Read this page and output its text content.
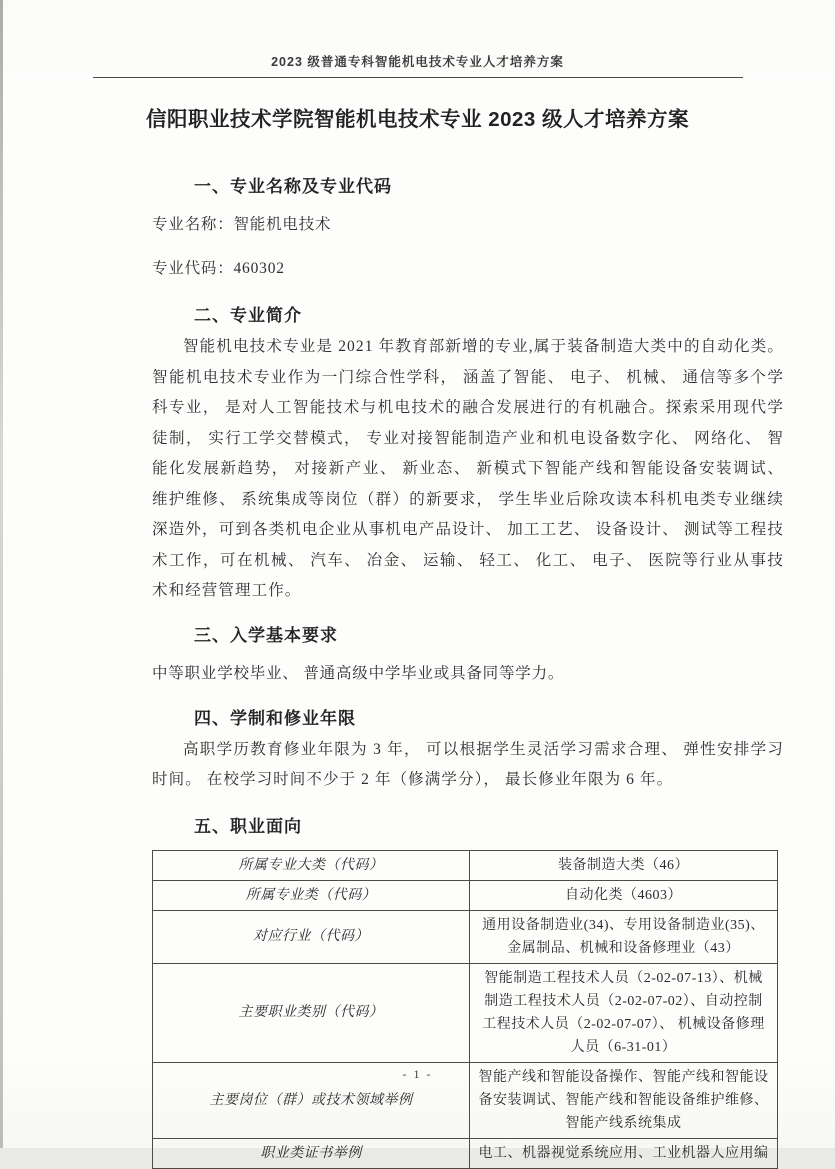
2023 级普通专科智能机电技术专业人才培养方案
信阳职业技术学院智能机电技术专业 2023 级人才培养方案
一、专业名称及专业代码

专业名称：智能机电技术

专业代码：460302

二、专业简介

智能机电技术专业是 2021 年教育部新增的专业,属于装备制造大类中的自动化类。智能机电技术专业作为一门综合性学科， 涵盖了智能、 电子、 机械、 通信等多个学科专业， 是对人工智能技术与机电技术的融合发展进行的有机融合。探索采用现代学徒制， 实行工学交替模式， 专业对接智能制造产业和机电设备数字化、 网络化、 智能化发展新趋势， 对接新产业、 新业态、 新模式下智能产线和智能设备安装调试、 维护维修、 系统集成等岗位（群）的新要求， 学生毕业后除攻读本科机电类专业继续深造外，可到各类机电企业从事机电产品设计、 加工工艺、 设备设计、 测试等工程技术工作，可在机械、 汽车、 冶金、 运输、 轻工、 化工、 电子、 医院等行业从事技术和经营管理工作。

三、入学基本要求

中等职业学校毕业、 普通高级中学毕业或具备同等学力。

四、学制和修业年限

高职学历教育修业年限为 3 年， 可以根据学生灵活学习需求合理、 弹性安排学习时间。 在校学习时间不少于 2 年（修满学分）， 最长修业年限为 6 年。

五、职业面向
所属专业大类（代码）	装备制造大类（46）
所属专业类（代码）	自动化类（4603）
对应行业（代码）	通用设备制造业(34)、专用设备制造业(35)、金属制品、机械和设备修理业（43）
主要职业类别（代码）	智能制造工程技术人员（2-02-07-13）、机械制造工程技术人员（2-02-07-02）、自动控制工程技术人员（2-02-07-07）、 机械设备修理人员（6-31-01）
主要岗位（群）或技术领域举例	智能产线和智能设备操作、智能产线和智能设备安装调试、智能产线和智能设备维护维修、智能产线系统集成
职业类证书举例	电工、机器视觉系统应用、工业机器人应用编
- 1 -
